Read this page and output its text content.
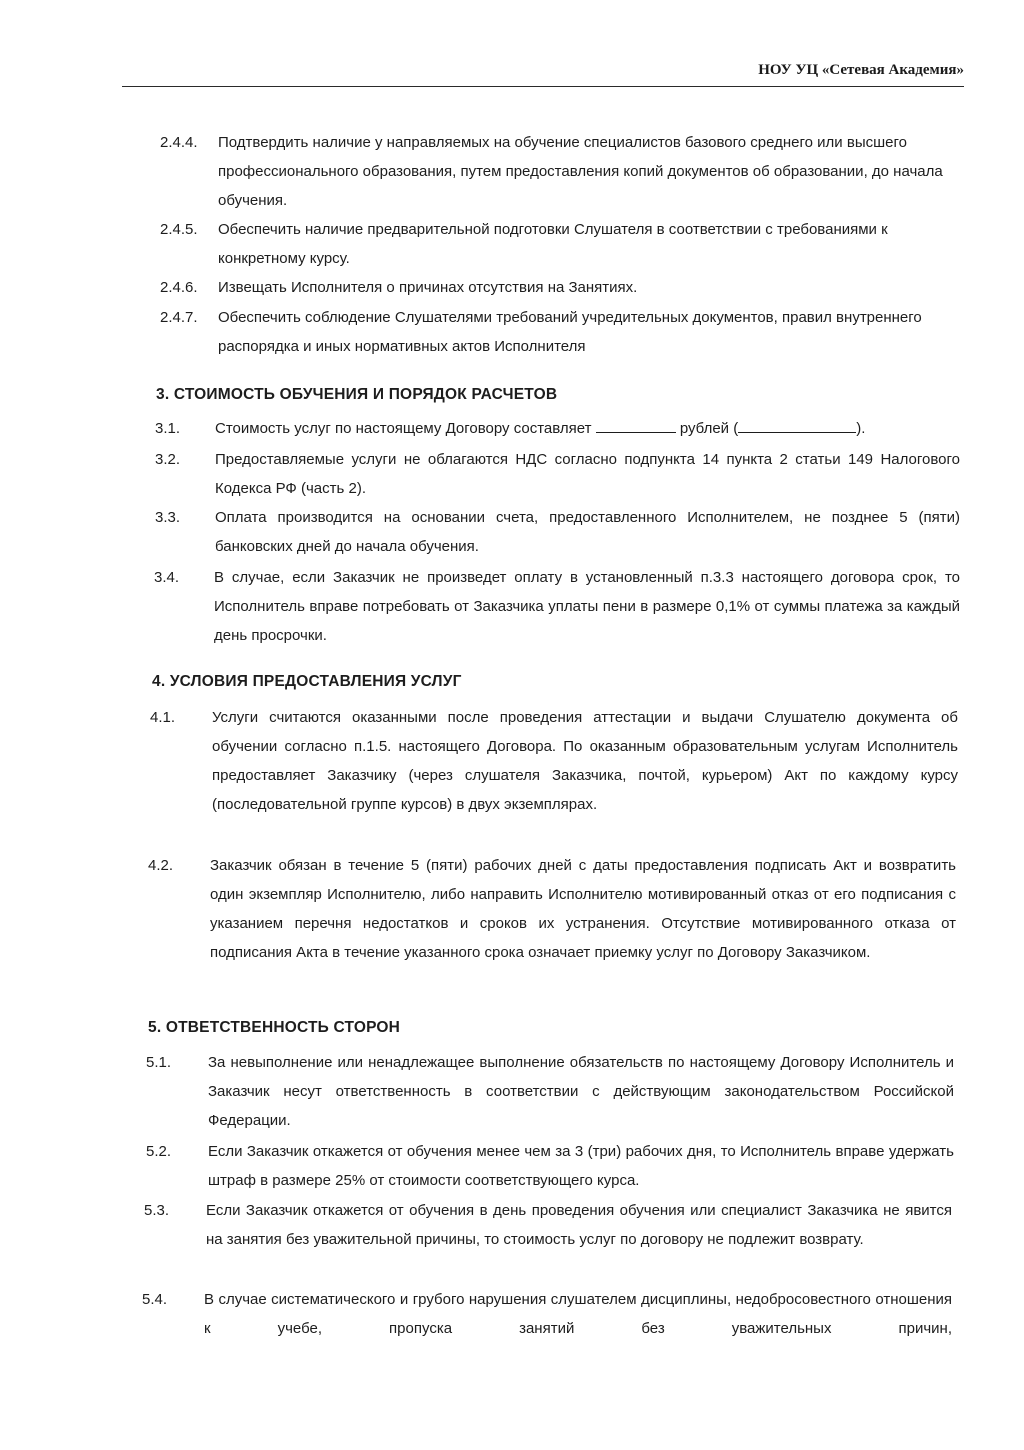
НОУ УЦ «Сетевая Академия»
2.4.4. Подтвердить наличие у направляемых на обучение специалистов базового среднего или высшего профессионального образования, путем предоставления копий документов об образовании, до начала обучения.

2.4.5. Обеспечить наличие предварительной подготовки Слушателя в соответствии с требованиями к конкретному курсу.

2.4.6. Извещать Исполнителя о причинах отсутствия на Занятиях.

2.4.7. Обеспечить соблюдение Слушателями требований учредительных документов, правил внутреннего распорядка и иных нормативных актов Исполнителя

3. СТОИМОСТЬ ОБУЧЕНИЯ И ПОРЯДОК РАСЧЕТОВ
3.1. Стоимость услуг по настоящему Договору составляет	рублей (	).

3.2. Предоставляемые услуги не облагаются НДС согласно подпункта 14 пункта 2 статьи 149 Налогового Кодекса РФ (часть 2).

3.3. Оплата производится на основании счета, предоставленного Исполнителем, не позднее 5 (пяти) банковских дней до начала обучения.

3.4. В случае, если Заказчик не произведет оплату в установленный п.3.3 настоящего договора срок, то Исполнитель вправе потребовать от Заказчика уплаты пени в размере 0,1% от суммы платежа за каждый день просрочки.

4. УСЛОВИЯ ПРЕДОСТАВЛЕНИЯ УСЛУГ
4.1. Услуги считаются оказанными после проведения аттестации и выдачи Слушателю документа об обучении согласно п.1.5. настоящего Договора. По оказанным образовательным услугам Исполнитель предоставляет Заказчику (через слушателя Заказчика, почтой, курьером) Акт по каждому курсу (последовательной группе курсов) в двух экземплярах.

4.2. Заказчик обязан в течение 5 (пяти) рабочих дней с даты предоставления подписать Акт и возвратить один экземпляр Исполнителю, либо направить Исполнителю мотивированный отказ от его подписания с указанием перечня недостатков и сроков их устранения. Отсутствие мотивированного отказа от подписания Акта в течение указанного срока означает приемку услуг по Договору Заказчиком.

5. ОТВЕТСТВЕННОСТЬ СТОРОН
5.1. За невыполнение или ненадлежащее выполнение обязательств по настоящему Договору Исполнитель и Заказчик несут ответственность в соответствии с действующим законодательством Российской Федерации.

5.2. Если Заказчик откажется от обучения менее чем за 3 (три) рабочих дня, то Исполнитель вправе удержать штраф в размере 25% от стоимости соответствующего курса.

5.3. Если Заказчик откажется от обучения в день проведения обучения или специалист Заказчика не явится на занятия без уважительной причины, то стоимость услуг по договору не подлежит возврату.

5.4. В случае систематического и грубого нарушения слушателем дисциплины, недобросовестного отношения к учебе, пропуска занятий без уважительных причин,
